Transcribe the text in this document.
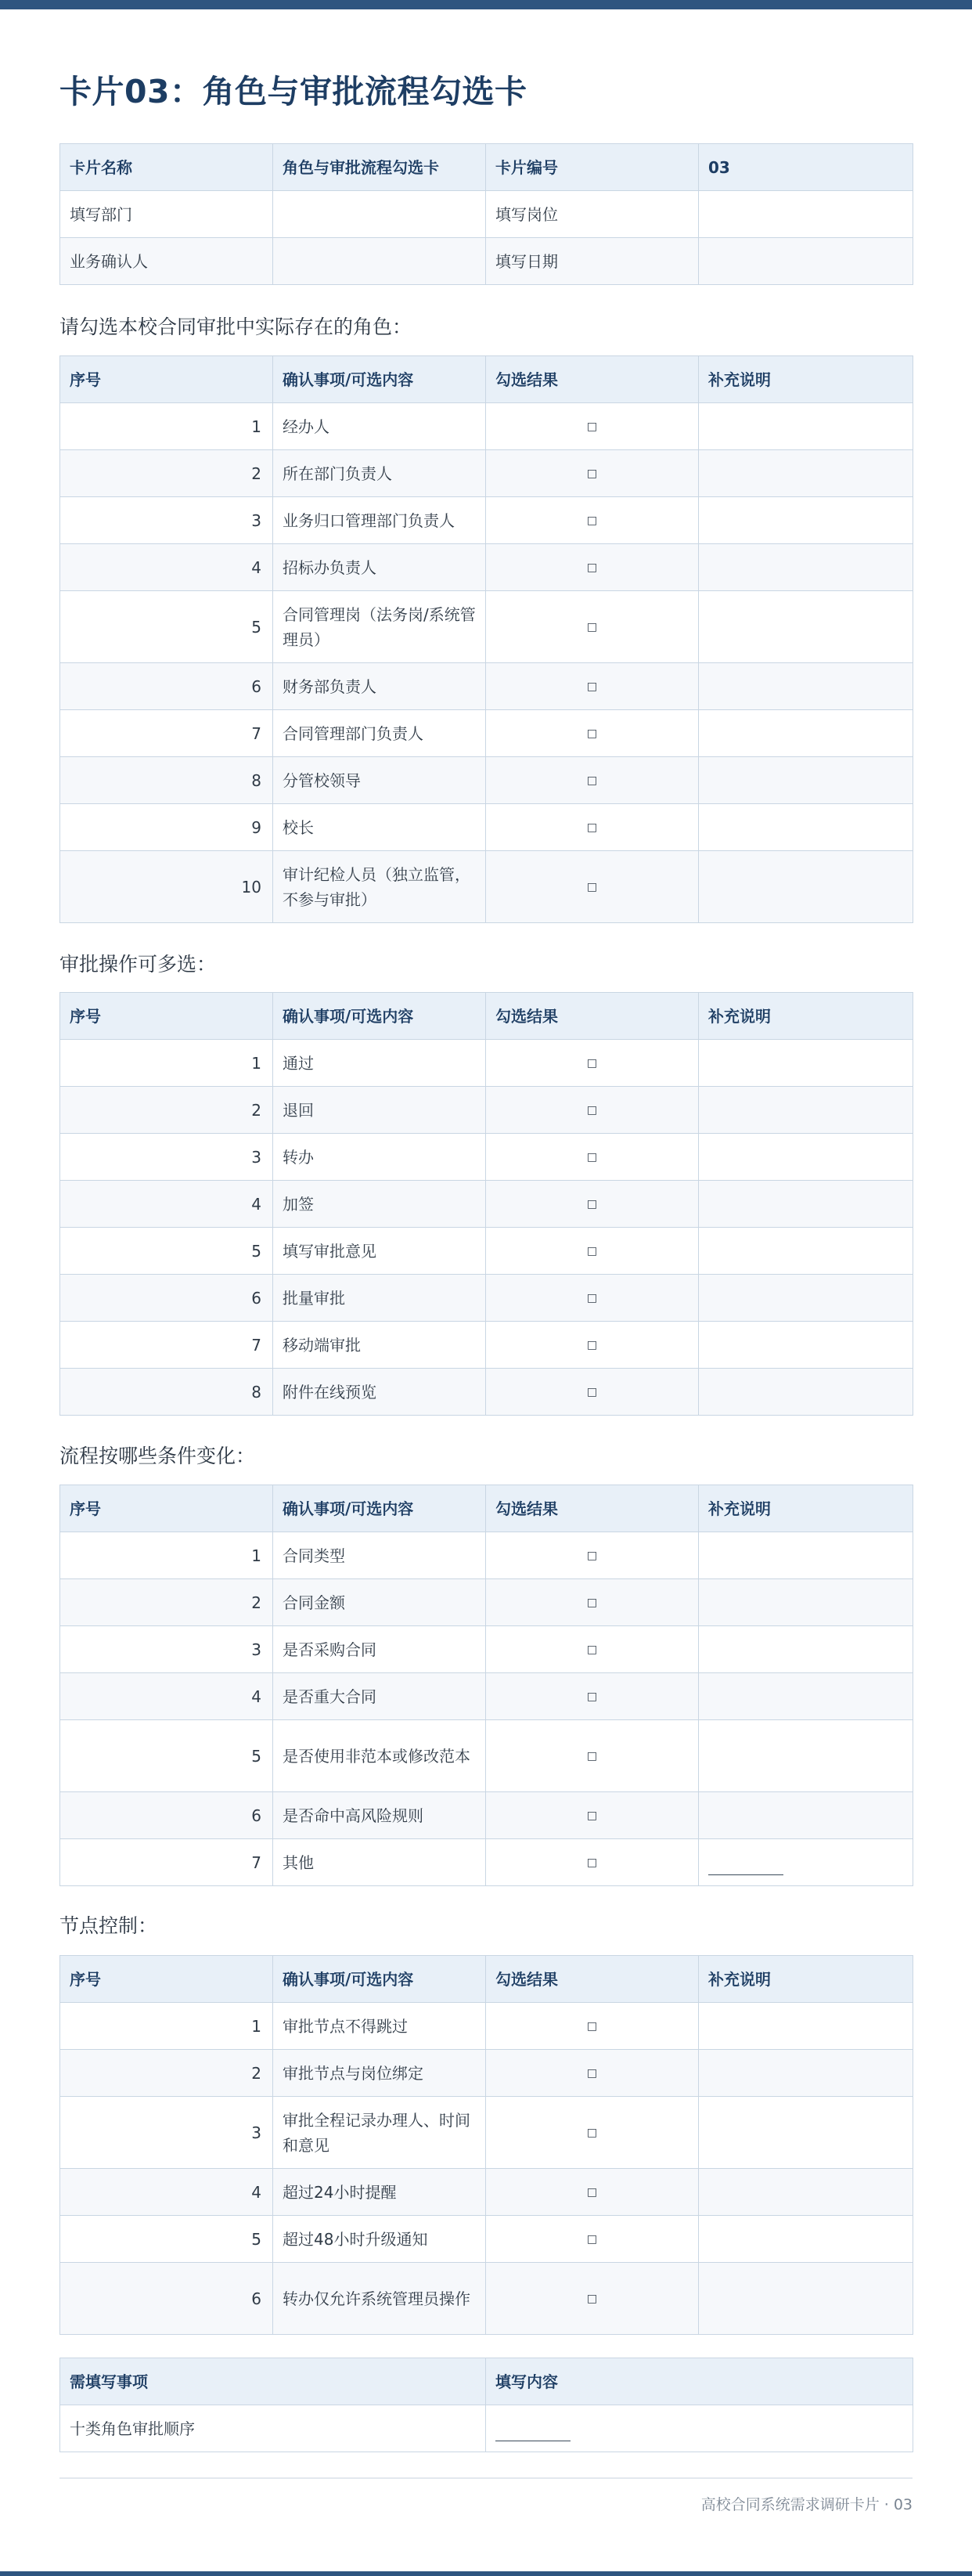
卡片03：角色与审批流程勾选卡
卡片名称	角色与审批流程勾选卡	卡片编号	03
填写部门		填写岗位	
业务确认人		填写日期	
请勾选本校合同审批中实际存在的角色：
序号	确认事项/可选内容	勾选结果	补充说明
1	经办人	□	
2	所在部门负责人	□	
3	业务归口管理部门负责人	□	
4	招标办负责人	□	
5	合同管理岗（法务岗/系统管理员）	□	
6	财务部负责人	□	
7	合同管理部门负责人	□	
8	分管校领导	□	
9	校长	□	
10	审计纪检人员（独立监管，不参与审批）	□	
审批操作可多选：
序号	确认事项/可选内容	勾选结果	补充说明
1	通过	□	
2	退回	□	
3	转办	□	
4	加签	□	
5	填写审批意见	□	
6	批量审批	□	
7	移动端审批	□	
8	附件在线预览	□	
流程按哪些条件变化：
序号	确认事项/可选内容	勾选结果	补充说明
1	合同类型	□	
2	合同金额	□	
3	是否采购合同	□	
4	是否重大合同	□	
5	是否使用非范本或修改范本	□	
6	是否命中高风险规则	□	
7	其他	□	
节点控制：
序号	确认事项/可选内容	勾选结果	补充说明
1	审批节点不得跳过	□	
2	审批节点与岗位绑定	□	
3	审批全程记录办理人、时间和意见	□	
4	超过24小时提醒	□	
5	超过48小时升级通知	□	
6	转办仅允许系统管理员操作	□	
需填写事项	填写内容
十类角色审批顺序	
高校合同系统需求调研卡片 · 03
